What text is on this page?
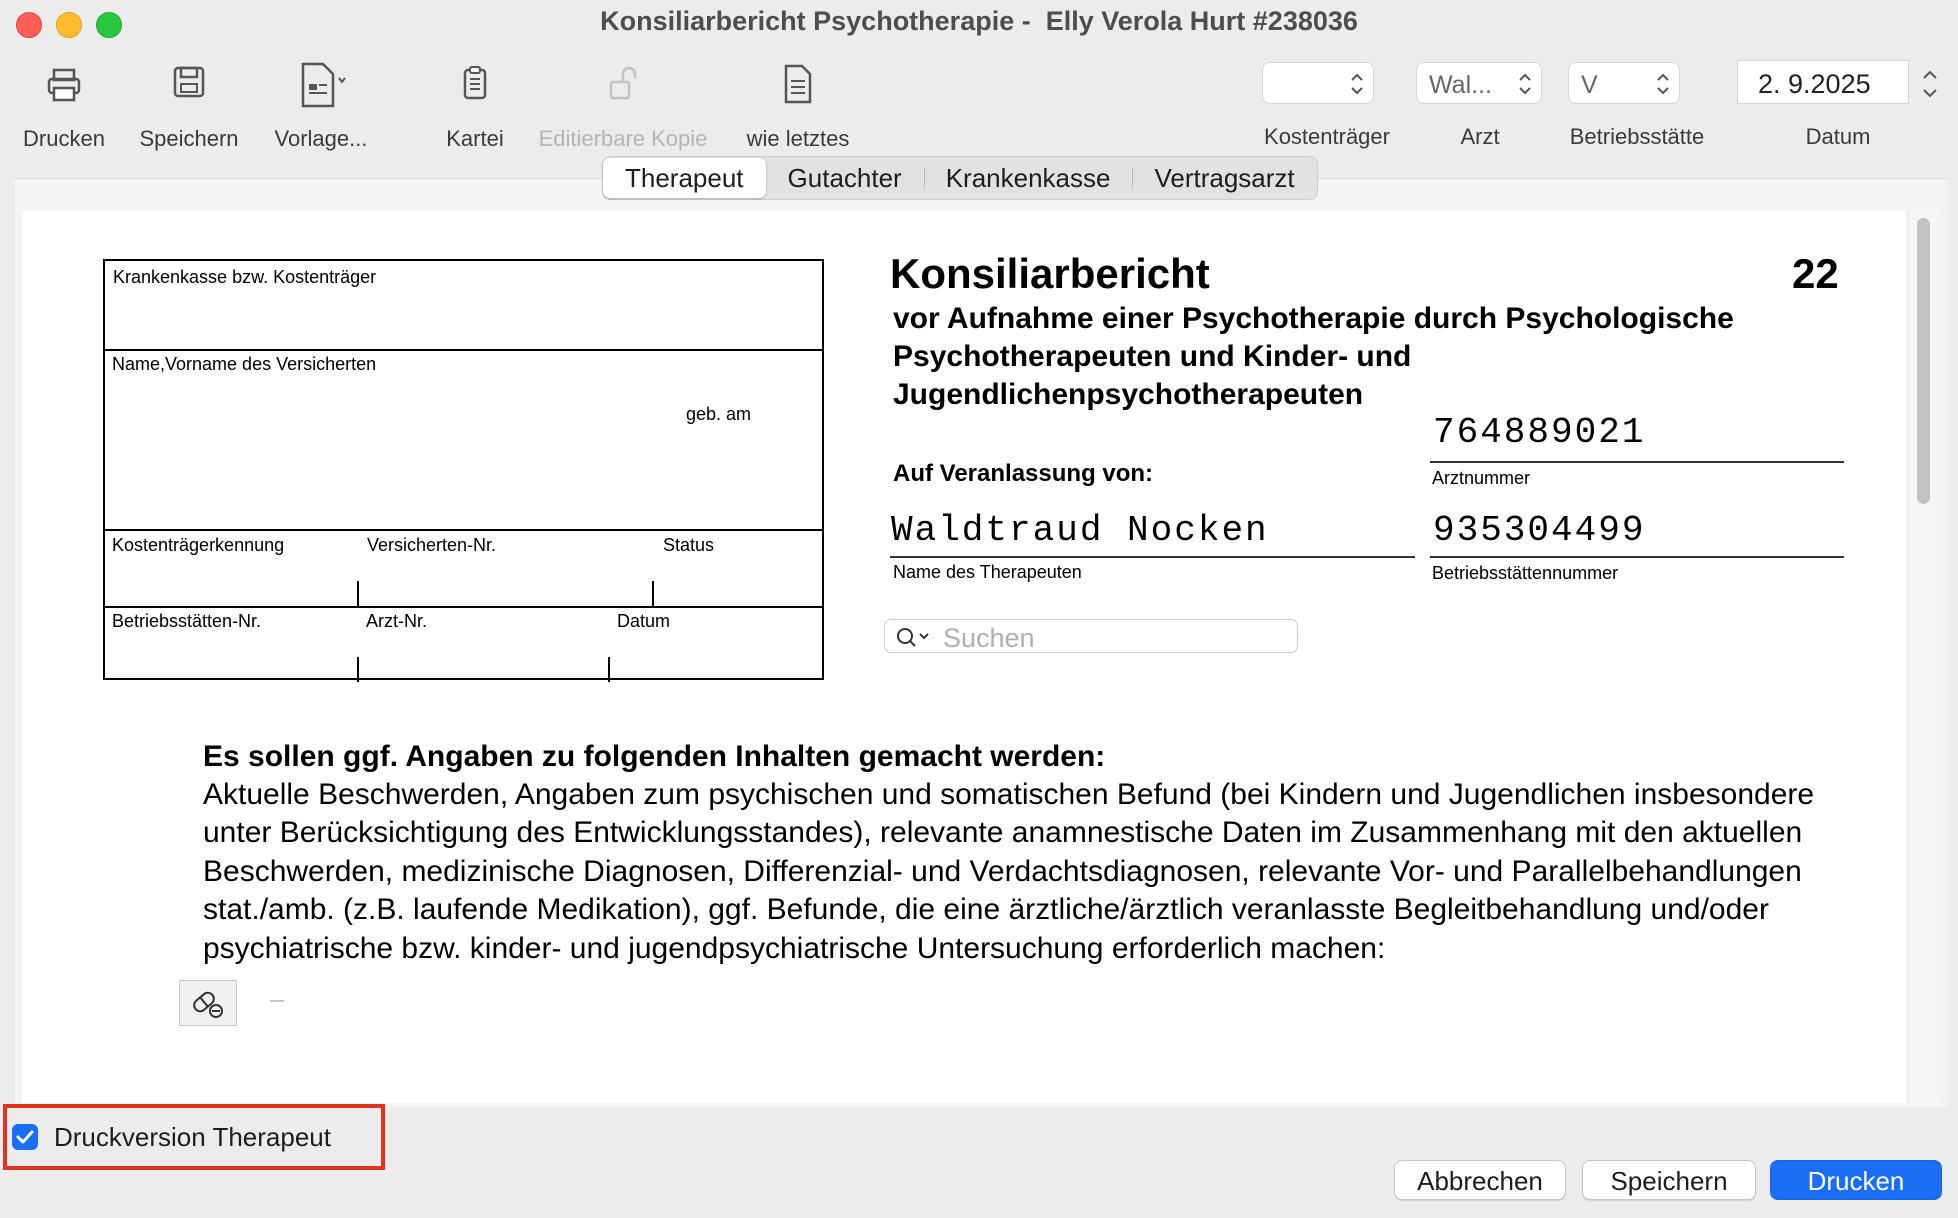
Konsiliarbericht Psychotherapie -  Elly Verola Hurt #238036
Drucken Speichern	Vorlage...	Kartei	Editierbare Kopie	wie letztes	Kostenträger
Wal...
Arzt
V
Betriebsstätte
2. 9.2025
Datum
Therapeut	Gutachter	Krankenkasse	Vertragsarzt
Krankenkasse bzw. Kostenträger
Name,Vorname des Versicherten
geb. am
Kostenträgerkennung	Versicherten-Nr.	Status
Betriebsstätten-Nr.	Arzt-Nr.	Datum
Konsiliarbericht	22
vor Aufnahme einer Psychotherapie durch Psychologische Psychotherapeuten und Kinder- und Jugendlichenpsychotherapeuten
Auf Veranlassung von:
764889021
Arztnummer
Waldtraud Nocken
Name des Therapeuten
935304499
Betriebsstättennummer
Suchen
Es sollen ggf. Angaben zu folgenden Inhalten gemacht werden:
Aktuelle Beschwerden, Angaben zum psychischen und somatischen Befund (bei Kindern und Jugendlichen insbesondere unter Berücksichtigung des Entwicklungsstandes), relevante anamnestische Daten im Zusammenhang mit den aktuellen Beschwerden, medizinische Diagnosen, Differenzial- und Verdachtsdiagnosen, relevante Vor- und Parallelbehandlungen stat./amb. (z.B. laufende Medikation), ggf. Befunde, die eine ärztliche/ärztlich veranlasste Begleitbehandlung und/oder psychiatrische bzw. kinder- und jugendpsychiatrische Untersuchung erforderlich machen:
Druckversion Therapeut
Abbrechen	Speichern	Drucken
